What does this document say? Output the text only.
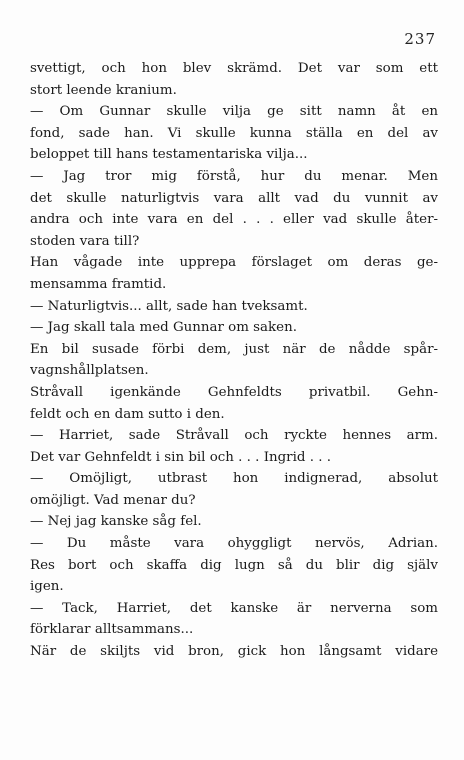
237
svettigt, och hon blev skrämd. Det var som ett
stort leende kranium.
— Om Gunnar skulle vilja ge sitt namn åt en
fond, sade han. Vi skulle kunna ställa en del av
beloppet till hans testamentariska vilja...
— Jag tror mig förstå, hur du menar. Men
det skulle naturligtvis vara allt vad du vunnit av
andra och inte vara en del . . . eller vad skulle åter-
stoden vara till?
Han vågade inte upprepa förslaget om deras ge-
mensamma framtid.
— Naturligtvis... allt, sade han tveksamt.
— Jag skall tala med Gunnar om saken.
En bil susade förbi dem, just när de nådde spår-
vagnshållplatsen.
Stråvall igenkände Gehnfeldts privatbil. Gehn-
feldt och en dam sutto i den.
— Harriet, sade Stråvall och ryckte hennes arm.
Det var Gehnfeldt i sin bil och . . . Ingrid . . .
— Omöjligt, utbrast hon indignerad, absolut
omöjligt. Vad menar du?
— Nej jag kanske såg fel.
— Du måste vara ohyggligt nervös, Adrian.
Res bort och skaffa dig lugn så du blir dig själv
igen.
— Tack, Harriet, det kanske är nerverna som
förklarar alltsammans...
När de skiljts vid bron, gick hon långsamt vidare
